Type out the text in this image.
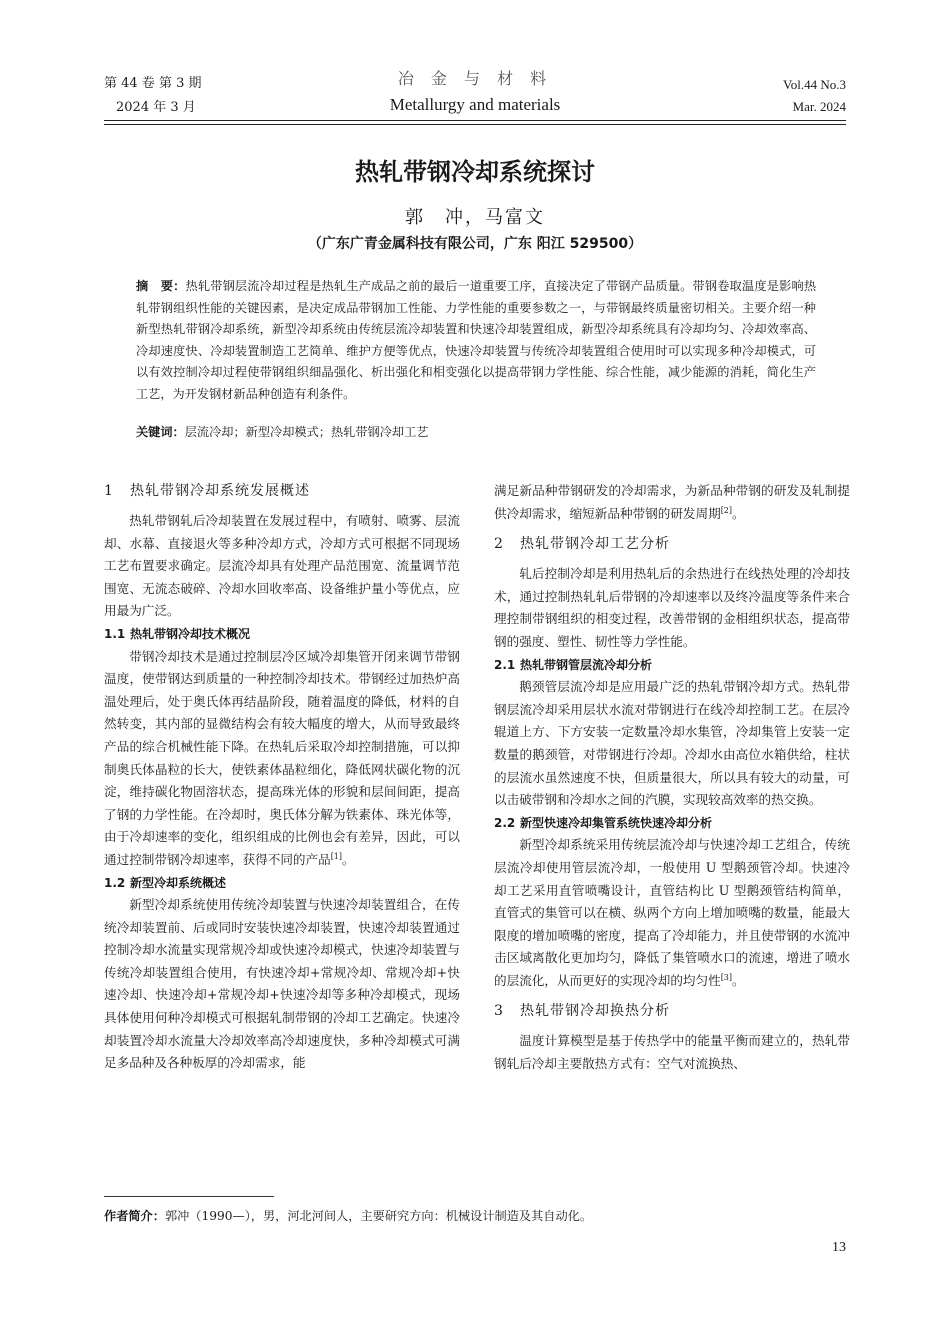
第 44 卷 第 3 期
2024 年 3 月
冶 金 与 材 料
Metallurgy and materials
Vol.44 No.3
Mar. 2024
热轧带钢冷却系统探讨
郭　冲，马富文
（广东广青金属科技有限公司，广东 阳江 529500）
摘　要：热轧带钢层流冷却过程是热轧生产成品之前的最后一道重要工序，直接决定了带钢产品质量。带钢卷取温度是影响热轧带钢组织性能的关键因素，是决定成品带钢加工性能、力学性能的重要参数之一，与带钢最终质量密切相关。主要介绍一种新型热轧带钢冷却系统，新型冷却系统由传统层流冷却装置和快速冷却装置组成，新型冷却系统具有冷却均匀、冷却效率高、冷却速度快、冷却装置制造工艺简单、维护方便等优点，快速冷却装置与传统冷却装置组合使用时可以实现多种冷却模式，可以有效控制冷却过程使带钢组织细晶强化、析出强化和相变强化以提高带钢力学性能、综合性能，减少能源的消耗，简化生产工艺，为开发钢材新品种创造有利条件。
关键词：层流冷却；新型冷却模式；热轧带钢冷却工艺
1 热轧带钢冷却系统发展概述

热轧带钢轧后冷却装置在发展过程中，有喷射、喷雾、层流却、水幕、直接退火等多种冷却方式，冷却方式可根据不同现场工艺布置要求确定。层流冷却具有处理产品范围宽、流量调节范围宽、无流态破碎、冷却水回收率高、设备维护量小等优点，应用最为广泛。

1.1 热轧带钢冷却技术概况

带钢冷却技术是通过控制层冷区域冷却集管开闭来调节带钢温度，使带钢达到质量的一种控制冷却技术。带钢经过加热炉高温处理后，处于奥氏体再结晶阶段，随着温度的降低，材料的自然转变，其内部的显微结构会有较大幅度的增大，从而导致最终产品的综合机械性能下降。在热轧后采取冷却控制措施，可以抑制奥氏体晶粒的长大，使铁素体晶粒细化，降低网状碳化物的沉淀，维持碳化物固溶状态，提高珠光体的形貌和层间间距，提高了钢的力学性能。在冷却时，奥氏体分解为铁素体、珠光体等，由于冷却速率的变化，组织组成的比例也会有差异，因此，可以通过控制带钢冷却速率，获得不同的产品[1]。

1.2 新型冷却系统概述

新型冷却系统使用传统冷却装置与快速冷却装置组合，在传统冷却装置前、后或同时安装快速冷却装置，快速冷却装置通过控制冷却水流量实现常规冷却或快速冷却模式，快速冷却装置与传统冷却装置组合使用，有快速冷却+常规冷却、常规冷却+快速冷却、快速冷却+常规冷却+快速冷却等多种冷却模式，现场具体使用何种冷却模式可根据轧制带钢的冷却工艺确定。快速冷却装置冷却水流量大冷却效率高冷却速度快，多种冷却模式可满足多品种及各种板厚的冷却需求，能

满足新品种带钢研发的冷却需求，为新品种带钢的研发及轧制提供冷却需求，缩短新品种带钢的研发周期[2]。

2 热轧带钢冷却工艺分析

轧后控制冷却是利用热轧后的余热进行在线热处理的冷却技术，通过控制热轧轧后带钢的冷却速率以及终冷温度等条件来合理控制带钢组织的相变过程，改善带钢的金相组织状态，提高带钢的强度、塑性、韧性等力学性能。

2.1 热轧带钢管层流冷却分析

鹅颈管层流冷却是应用最广泛的热轧带钢冷却方式。热轧带钢层流冷却采用层状水流对带钢进行在线冷却控制工艺。在层冷辊道上方、下方安装一定数量冷却水集管，冷却集管上安装一定数量的鹅颈管，对带钢进行冷却。冷却水由高位水箱供给，柱状的层流水虽然速度不快，但质量很大，所以具有较大的动量，可以击破带钢和冷却水之间的汽膜，实现较高效率的热交换。

2.2 新型快速冷却集管系统快速冷却分析

新型冷却系统采用传统层流冷却与快速冷却工艺组合，传统层流冷却使用管层流冷却，一般使用 U 型鹅颈管冷却。快速冷却工艺采用直管喷嘴设计，直管结构比 U 型鹅颈管结构简单，直管式的集管可以在横、纵两个方向上增加喷嘴的数量，能最大限度的增加喷嘴的密度，提高了冷却能力，并且使带钢的水流冲击区域离散化更加均匀，降低了集管喷水口的流速，增进了喷水的层流化，从而更好的实现冷却的均匀性[3]。

3 热轧带钢冷却换热分析

温度计算模型是基于传热学中的能量平衡而建立的，热轧带钢轧后冷却主要散热方式有：空气对流换热、

作者简介：郭冲（1990—），男，河北河间人，主要研究方向：机械设计制造及其自动化。
13
